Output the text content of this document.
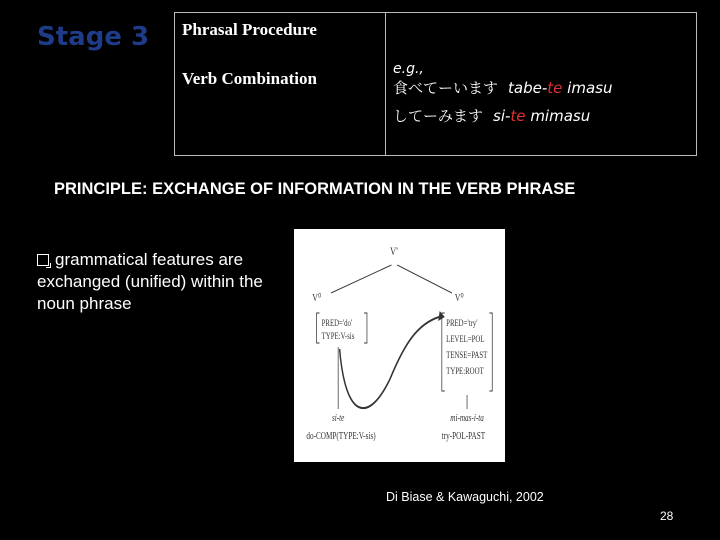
Stage 3 Phrasal Procedure
Verb Combination	e.g.,
食べてーいます tabe-te imasu
してーみます si-te mimasu
PRINCIPLE: EXCHANGE OF INFORMATION IN THE VERB PHRASE
grammatical features are exchanged (unified) within the noun phrase
V'
V⁰	V⁰
PRED='do'
TYPE:V-sis
PRED='try'
LEVEL=POL
TENSE=PAST
TYPE:ROOT
si-te	mi-mas-i-ta
do-COMP(TYPE:V-sis)	try-POL-PAST
Di Biase & Kawaguchi, 2002
28
